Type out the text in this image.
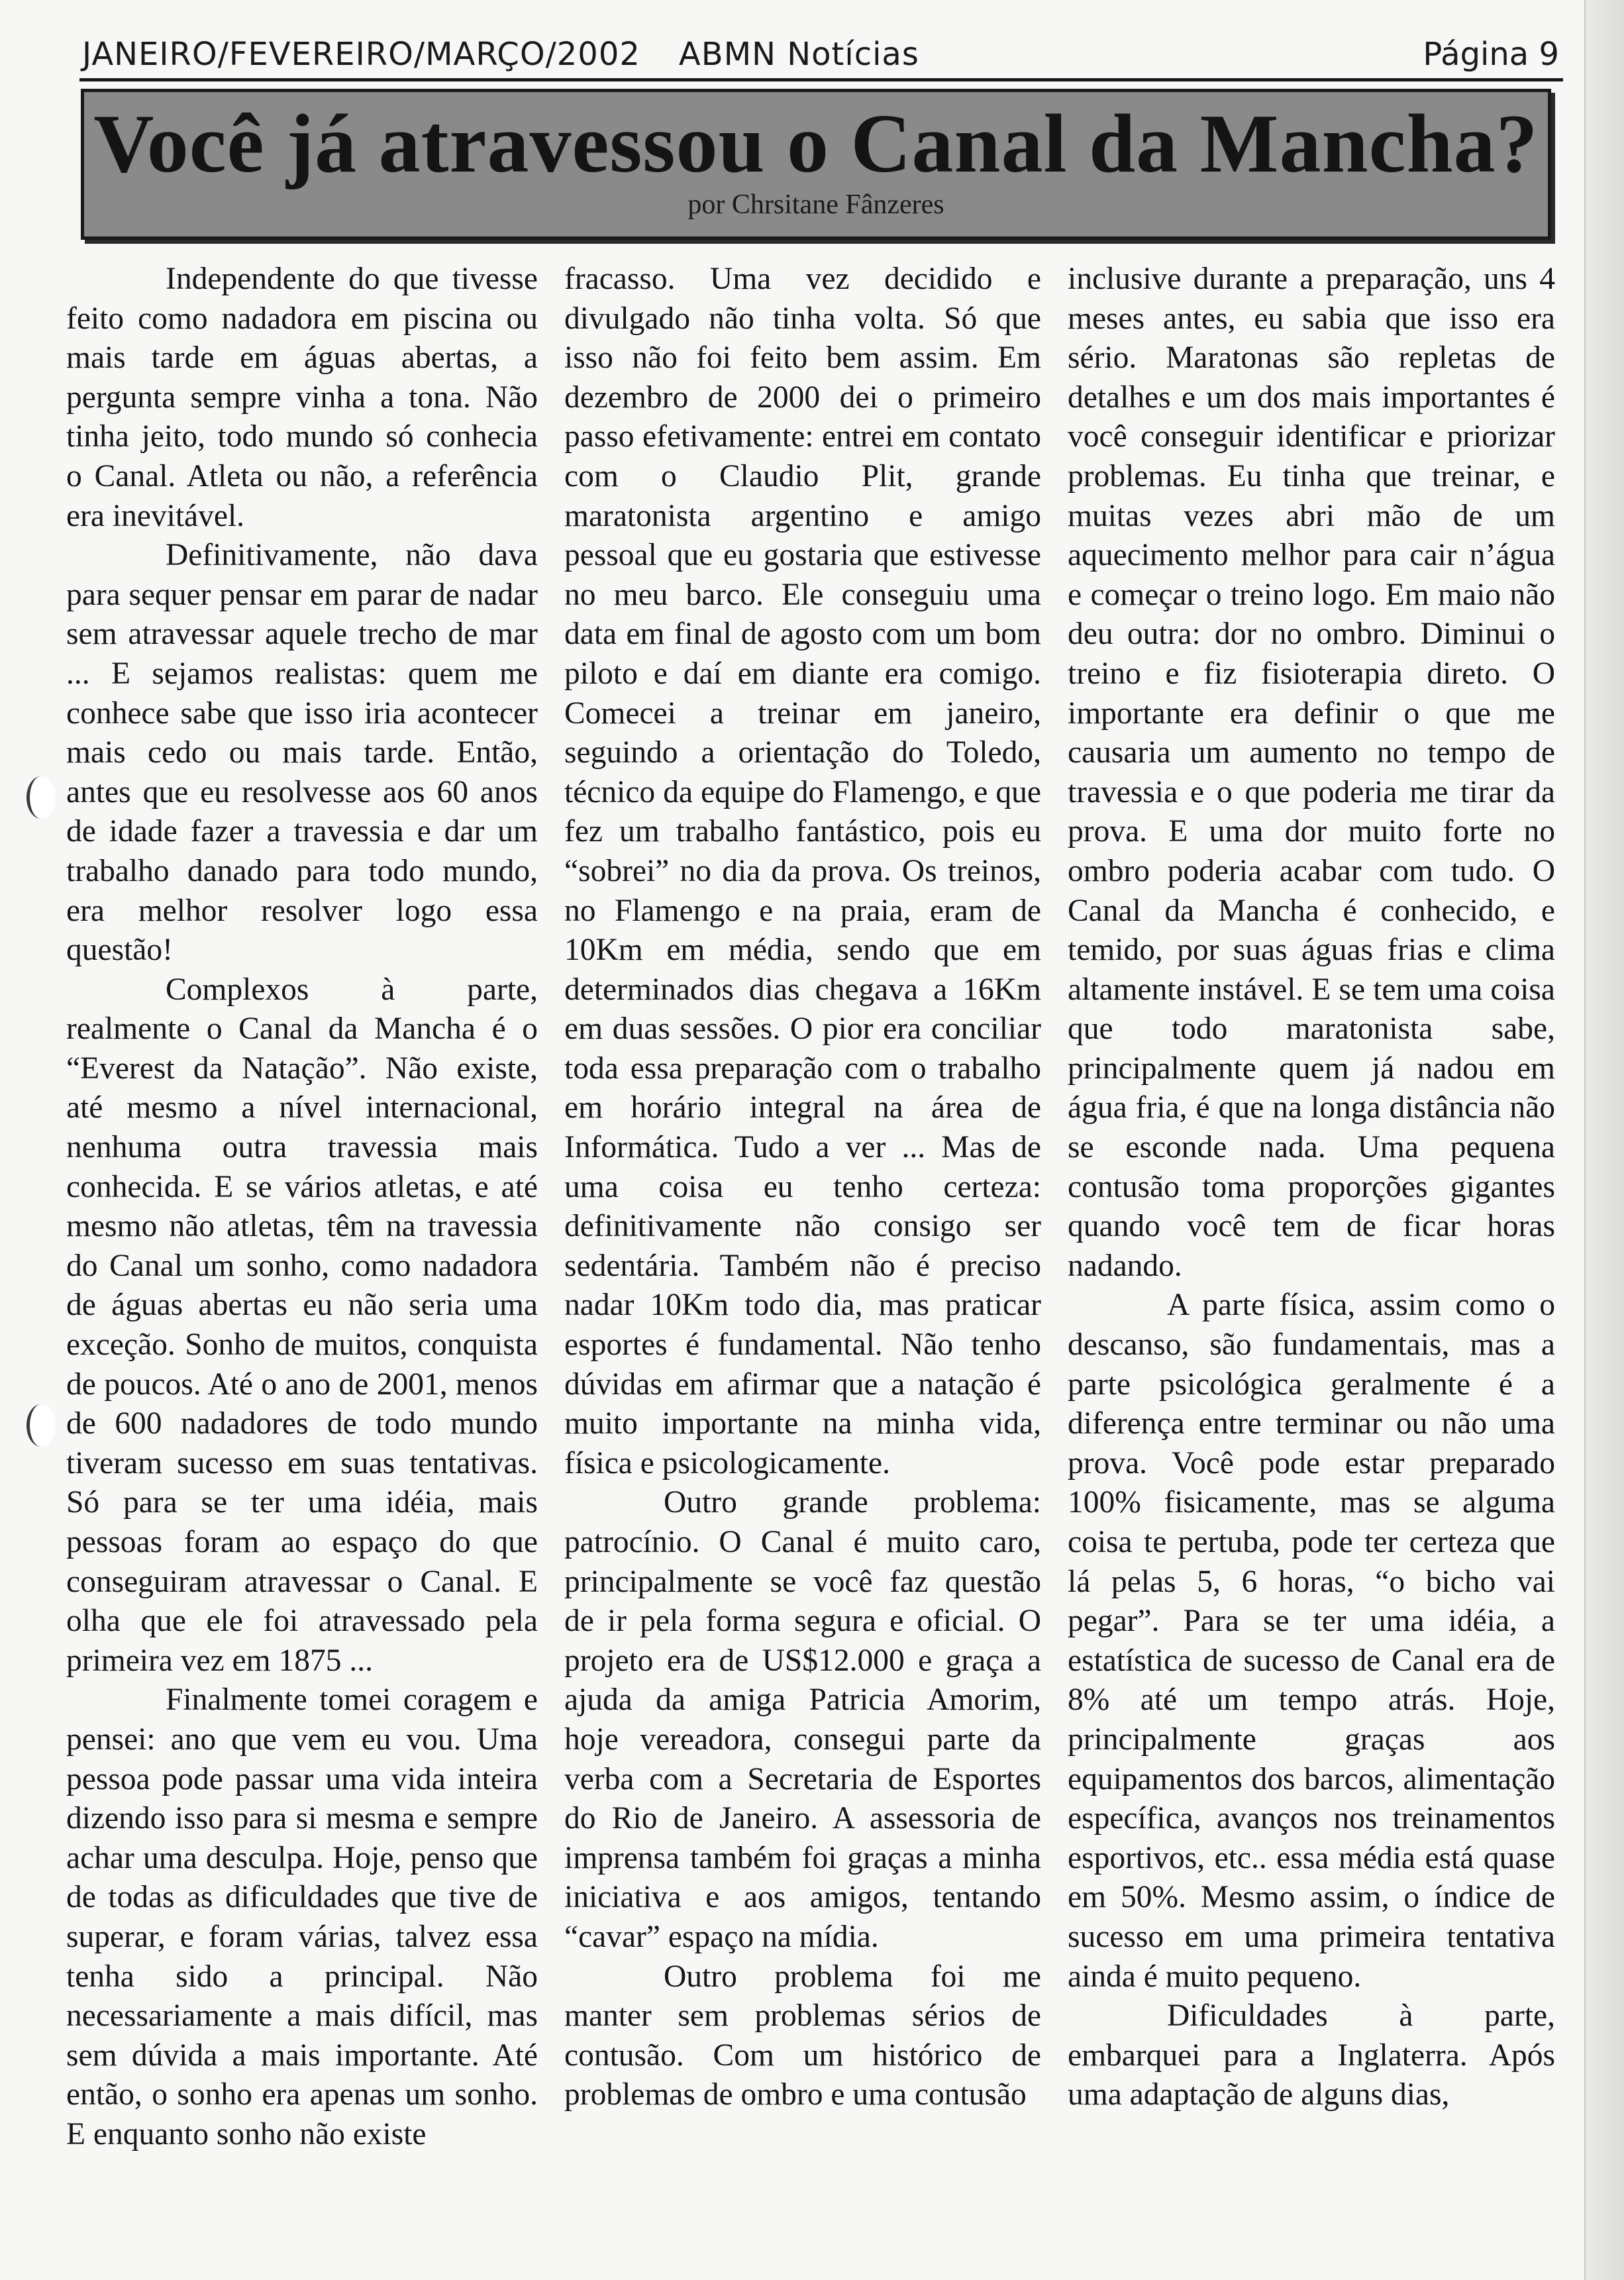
JANEIRO/FEVEREIRO/MARÇO/2002 ABMN Notícias	Página 9
Você já atravessou o Canal da Mancha?
por Chrsitane Fânzeres

Independente do que tivesse feito como nadadora em piscina ou mais tarde em águas abertas, a pergunta sempre vinha a tona. Não tinha jeito, todo mundo só conhecia o Canal. Atleta ou não, a referência era inevitável.

Definitivamente, não dava para sequer pensar em parar de nadar sem atravessar aquele trecho de mar ... E sejamos realistas: quem me conhece sabe que isso iria acontecer mais cedo ou mais tarde. Então, antes que eu resolvesse aos 60 anos de idade fazer a travessia e dar um trabalho danado para todo mundo, era melhor resolver logo essa questão!

Complexos à parte, realmente o Canal da Mancha é o “Everest da Natação”. Não existe, até mesmo a nível internacional, nenhuma outra travessia mais conhecida. E se vários atletas, e até mesmo não atletas, têm na travessia do Canal um sonho, como nadadora de águas abertas eu não seria uma exceção. Sonho de muitos, conquista de poucos. Até o ano de 2001, menos de 600 nadadores de todo mundo tiveram sucesso em suas tentativas. Só para se ter uma idéia, mais pessoas foram ao espaço do que conseguiram atravessar o Canal. E olha que ele foi atravessado pela primeira vez em 1875 ...

Finalmente tomei coragem e pensei: ano que vem eu vou. Uma pessoa pode passar uma vida inteira dizendo isso para si mesma e sempre achar uma desculpa. Hoje, penso que de todas as dificuldades que tive de superar, e foram várias, talvez essa tenha sido a principal. Não necessariamente a mais difícil, mas sem dúvida a mais importante. Até então, o sonho era apenas um sonho. E enquanto sonho não existe

fracasso. Uma vez decidido e divulgado não tinha volta. Só que isso não foi feito bem assim. Em dezembro de 2000 dei o primeiro passo efetivamente: entrei em contato com o Claudio Plit, grande maratonista argentino e amigo pessoal que eu gostaria que estivesse no meu barco. Ele conseguiu uma data em final de agosto com um bom piloto e daí em diante era comigo. Comecei a treinar em janeiro, seguindo a orientação do Toledo, técnico da equipe do Flamengo, e que fez um trabalho fantástico, pois eu “sobrei” no dia da prova. Os treinos, no Flamengo e na praia, eram de 10Km em média, sendo que em determinados dias chegava a 16Km em duas sessões. O pior era conciliar toda essa preparação com o trabalho em horário integral na área de Informática. Tudo a ver ... Mas de uma coisa eu tenho certeza: definitivamente não consigo ser sedentária. Também não é preciso nadar 10Km todo dia, mas praticar esportes é fundamental. Não tenho dúvidas em afirmar que a natação é muito importante na minha vida, física e psicologicamente.

Outro grande problema: patrocínio. O Canal é muito caro, principalmente se você faz questão de ir pela forma segura e oficial. O projeto era de US$12.000 e graça a ajuda da amiga Patricia Amorim, hoje vereadora, consegui parte da verba com a Secretaria de Esportes do Rio de Janeiro. A assessoria de imprensa também foi graças a minha iniciativa e aos amigos, tentando “cavar” espaço na mídia.

Outro problema foi me manter sem problemas sérios de contusão. Com um histórico de problemas de ombro e uma contusão

inclusive durante a preparação, uns 4 meses antes, eu sabia que isso era sério. Maratonas são repletas de detalhes e um dos mais importantes é você conseguir identificar e priorizar problemas. Eu tinha que treinar, e muitas vezes abri mão de um aquecimento melhor para cair n’água e começar o treino logo. Em maio não deu outra: dor no ombro. Diminui o treino e fiz fisioterapia direto. O importante era definir o que me causaria um aumento no tempo de travessia e o que poderia me tirar da prova. E uma dor muito forte no ombro poderia acabar com tudo. O Canal da Mancha é conhecido, e temido, por suas águas frias e clima altamente instável. E se tem uma coisa que todo maratonista sabe, principalmente quem já nadou em água fria, é que na longa distância não se esconde nada. Uma pequena contusão toma proporções gigantes quando você tem de ficar horas nadando.

A parte física, assim como o descanso, são fundamentais, mas a parte psicológica geralmente é a diferença entre terminar ou não uma prova. Você pode estar preparado 100% fisicamente, mas se alguma coisa te pertuba, pode ter certeza que lá pelas 5, 6 horas, “o bicho vai pegar”. Para se ter uma idéia, a estatística de sucesso de Canal era de 8% até um tempo atrás. Hoje, principalmente graças aos equipamentos dos barcos, alimentação específica, avanços nos treinamentos esportivos, etc.. essa média está quase em 50%. Mesmo assim, o índice de sucesso em uma primeira tentativa ainda é muito pequeno.

Dificuldades à parte, embarquei para a Inglaterra. Após uma adaptação de alguns dias,
